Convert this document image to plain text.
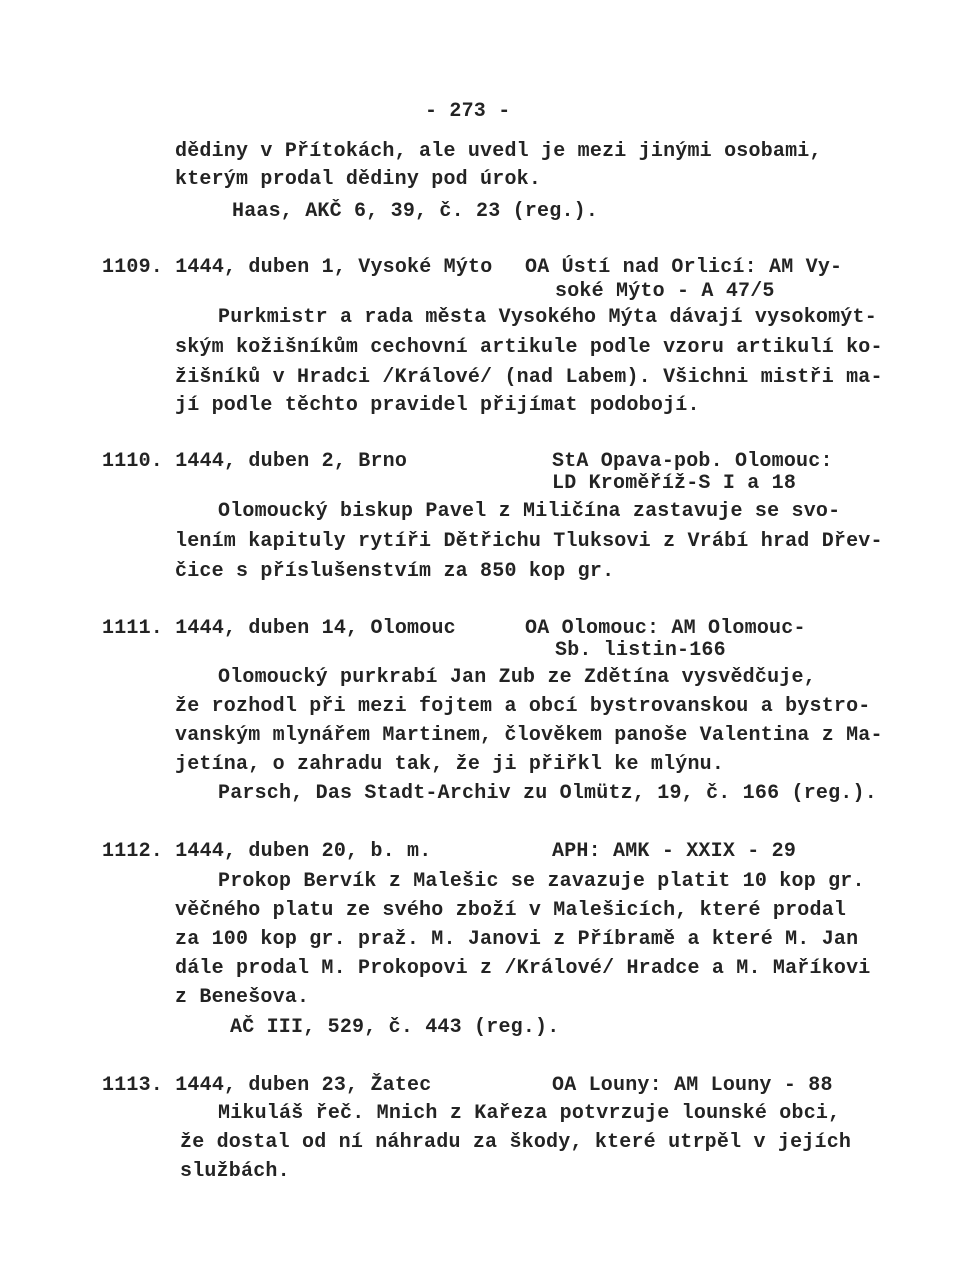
- 273 -
dědiny v Přítokách, ale uvedl je mezi jinými osobami,
kterým prodal dědiny pod úrok.
Haas, AKČ 6, 39, č. 23 (reg.).
1109. 1444, duben 1, Vysoké Mýto OA Ústí nad Orlicí: AM Vy-
soké Mýto - A 47/5
Purkmistr a rada města Vysokého Mýta dávají vysokomýt-
ským kožišníkům cechovní artikule podle vzoru artikulí ko-
žišníků v Hradci /Králové/ (nad Labem). Všichni mistři ma-
jí podle těchto pravidel přijímat podobojí.
1110. 1444, duben 2, Brno	StA Opava-pob. Olomouc:
LD Kroměříž-S I a 18
Olomoucký biskup Pavel z Miličína zastavuje se svo-
lením kapituly rytíři Dětřichu Tluksovi z Vrábí hrad Dřev-
čice s příslušenstvím za 850 kop gr.
1111. 1444, duben 14, Olomouc	OA Olomouc: AM Olomouc-
Sb. listin-166
Olomoucký purkrabí Jan Zub ze Zdětína vysvědčuje,
že rozhodl při mezi fojtem a obcí bystrovanskou a bystro-
vanským mlynářem Martinem, člověkem panoše Valentina z Ma-
jetína, o zahradu tak, že ji přiřkl ke mlýnu.
Parsch, Das Stadt-Archiv zu Olmütz, 19, č. 166 (reg.).
1112. 1444, duben 20, b. m.	APH: AMK - XXIX - 29
Prokop Bervík z Malešic se zavazuje platit 10 kop gr.
věčného platu ze svého zboží v Malešicích, které prodal
za 100 kop gr. praž. M. Janovi z Příbramě a které M. Jan
dále prodal M. Prokopovi z /Králové/ Hradce a M. Maříkovi
z Benešova.
AČ III, 529, č. 443 (reg.).
1113. 1444, duben 23, Žatec	OA Louny: AM Louny - 88
Mikuláš řeč. Mnich z Kařeza potvrzuje lounské obci,
že dostal od ní náhradu za škody, které utrpěl v jejích
službách.
